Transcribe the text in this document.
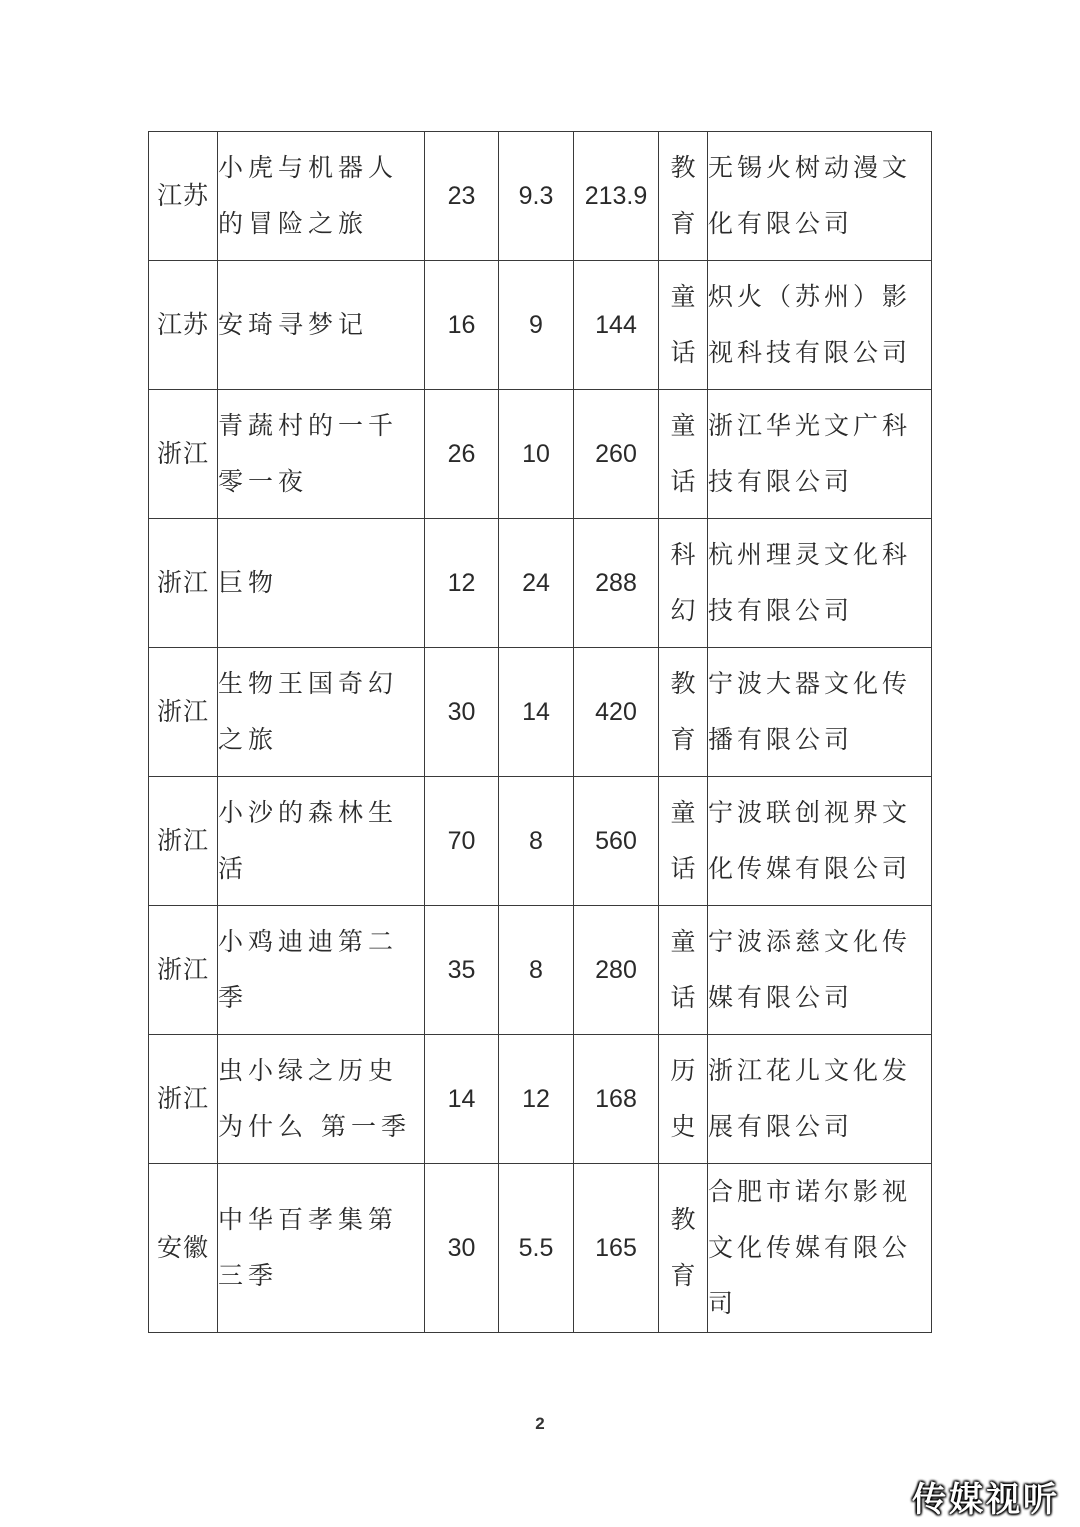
江苏	小虎与机器人的冒险之旅	23	9.3	213.9	教育	无锡火树动漫文化有限公司
江苏	安琦寻梦记	16	9	144	童话	炽火（苏州）影视科技有限公司
浙江	青蔬村的一千零一夜	26	10	260	童话	浙江华光文广科技有限公司
浙江	巨物	12	24	288	科幻	杭州理灵文化科技有限公司
浙江	生物王国奇幻之旅	30	14	420	教育	宁波大器文化传播有限公司
浙江	小沙的森林生活	70	8	560	童话	宁波联创视界文化传媒有限公司
浙江	小鸡迪迪第二季	35	8	280	童话	宁波添慈文化传媒有限公司
浙江	虫小绿之历史为什么 第一季	14	12	168	历史	浙江花儿文化发展有限公司
安徽	中华百孝集第三季	30	5.5	165	教育	合肥市诺尔影视文化传媒有限公司
2
传媒视听
